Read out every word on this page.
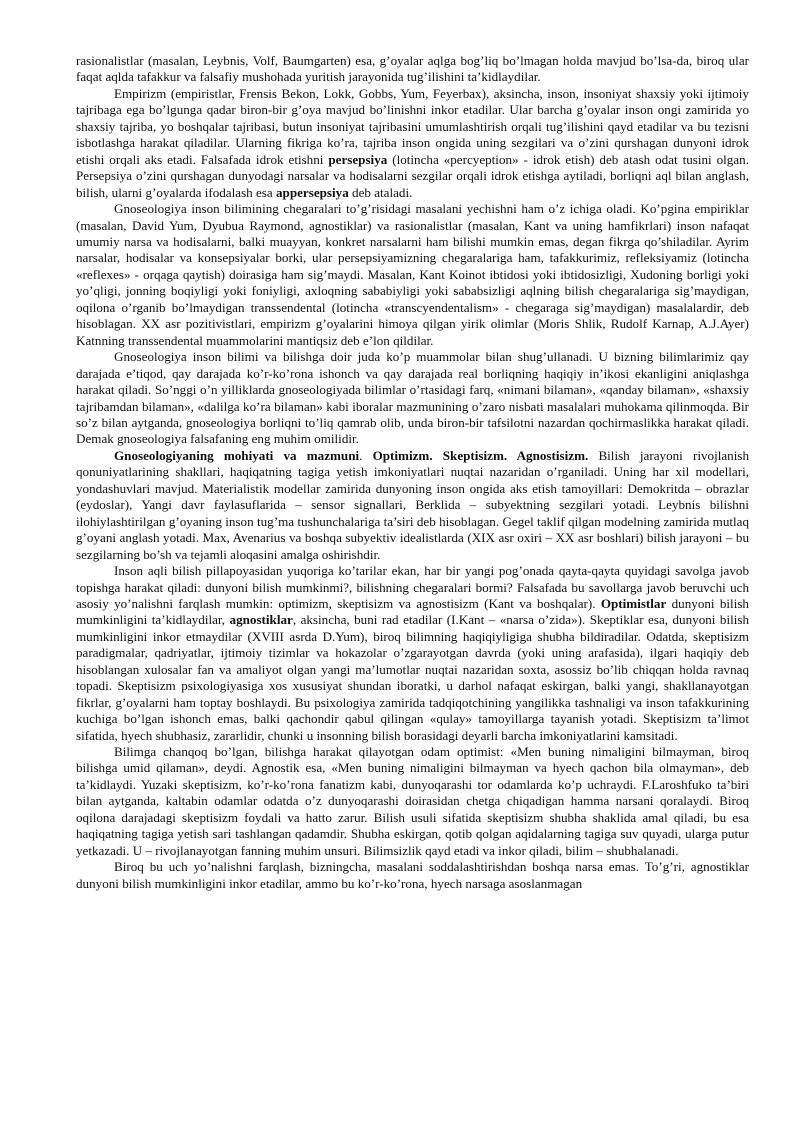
rasionalistlar (masalan, Leybnis, Volf, Baumgarten) esa, g’oyalar aqlga bog’liq bo’lmagan holda mavjud bo’lsa-da, biroq ular faqat aqlda tafakkur va falsafiy mushohada yuritish jarayonida tug’ilishini ta’kidlaydilar.

Empirizm (empiristlar, Frensis Bekon, Lokk, Gobbs, Yum, Feyerbax), aksincha, inson, insoniyat shaxsiy yoki ijtimoiy tajribaga ega bo’lgunga qadar biron-bir g’oya mavjud bo’linishni inkor etadilar. Ular barcha g’oyalar inson ongi zamirida yo shaxsiy tajriba, yo boshqalar tajribasi, butun insoniyat tajribasini umumlashtirish orqali tug’ilishini qayd etadilar va bu tezisni isbotlashga harakat qiladilar. Ularning fikriga ko’ra, tajriba inson ongida uning sezgilari va o’zini qurshagan dunyoni idrok etishi orqali aks etadi. Falsafada idrok etishni persepsiya (lotincha «percyeption» - idrok etish) deb atash odat tusini olgan. Persepsiya o’zini qurshagan dunyodagi narsalar va hodisalarni sezgilar orqali idrok etishga aytiladi, borliqni aql bilan anglash, bilish, ularni g’oyalarda ifodalash esa appersepsiya deb ataladi.

Gnoseologiya inson bilimining chegaralari to’g’risidagi masalani yechishni ham o’z ichiga oladi. Ko’pgina empiriklar (masalan, David Yum, Dyubua Raymond, agnostiklar) va rasionalistlar (masalan, Kant va uning hamfikrlari) inson nafaqat umumiy narsa va hodisalarni, balki muayyan, konkret narsalarni ham bilishi mumkin emas, degan fikrga qo’shiladilar. Ayrim narsalar, hodisalar va konsepsiyalar borki, ular persepsiyamizning chegaralariga ham, tafakkurimiz, refleksiyamiz (lotincha «reflexes» - orqaga qaytish) doirasiga ham sig’maydi. Masalan, Kant Koinot ibtidosi yoki ibtidosizligi, Xudoning borligi yoki yo’qligi, jonning boqiyligi yoki foniyligi, axloqning sababiyligi yoki sababsizligi aqlning bilish chegaralariga sig’maydigan, oqilona o’rganib bo’lmaydigan transsendental (lotincha «transcyendentalism» - chegaraga sig’maydigan) masalalardir, deb hisoblagan. XX asr pozitivistlari, empirizm g’oyalarini himoya qilgan yirik olimlar (Moris Shlik, Rudolf Karnap, A.J.Ayer) Katnning transsendental muammolarini mantiqsiz deb e’lon qildilar.

Gnoseologiya inson bilimi va bilishga doir juda ko’p muammolar bilan shug’ullanadi. U bizning bilimlarimiz qay darajada e’tiqod, qay darajada ko’r-ko’rona ishonch va qay darajada real borliqning haqiqiy in’ikosi ekanligini aniqlashga harakat qiladi. So’nggi o’n yilliklarda gnoseologiyada bilimlar o’rtasidagi farq, «nimani bilaman», «qanday bilaman», «shaxsiy tajribamdan bilaman», «dalilga ko’ra bilaman» kabi iboralar mazmunining o’zaro nisbati masalalari muhokama qilinmoqda. Bir so’z bilan aytganda, gnoseologiya borliqni to’liq qamrab olib, unda biron-bir tafsilotni nazardan qochirmaslikka harakat qiladi. Demak gnoseologiya falsafaning eng muhim omilidir.

Gnoseologiyaning mohiyati va mazmuni. Optimizm. Skeptisizm. Agnostisizm. Bilish jarayoni rivojlanish qonuniyatlarining shakllari, haqiqatning tagiga yetish imkoniyatlari nuqtai nazaridan o’rganiladi. Uning har xil modellari, yondashuvlari mavjud. Materialistik modellar zamirida dunyoning inson ongida aks etish tamoyillari: Demokritda – obrazlar (eydoslar), Yangi davr faylasuflarida – sensor signallari, Berklida – subyektning sezgilari yotadi. Leybnis bilishni ilohiylashtirilgan g’oyaning inson tug’ma tushunchalariga ta’siri deb hisoblagan. Gegel taklif qilgan modelning zamirida mutlaq g’oyani anglash yotadi. Max, Avenarius va boshqa subyektiv idealistlarda (XIX asr oxiri – XX asr boshlari) bilish jarayoni – bu sezgilarning bo’sh va tejamli aloqasini amalga oshirishdir.

Inson aqli bilish pillapoyasidan yuqoriga ko’tarilar ekan, har bir yangi pog’onada qayta-qayta quyidagi savolga javob topishga harakat qiladi: dunyoni bilish mumkinmi?, bilishning chegaralari bormi? Falsafada bu savollarga javob beruvchi uch asosiy yo’nalishni farqlash mumkin: optimizm, skeptisizm va agnostisizm (Kant va boshqalar). Optimistlar dunyoni bilish mumkinligini ta’kidlaydilar, agnostiklar, aksincha, buni rad etadilar (I.Kant – «narsa o’zida»). Skeptiklar esa, dunyoni bilish mumkinligini inkor etmaydilar (XVIII asrda D.Yum), biroq bilimning haqiqiyligiga shubha bildiradilar. Odatda, skeptisizm paradigmalar, qadriyatlar, ijtimoiy tizimlar va hokazolar o’zgarayotgan davrda (yoki uning arafasida), ilgari haqiqiy deb hisoblangan xulosalar fan va amaliyot olgan yangi ma’lumotlar nuqtai nazaridan soxta, asossiz bo’lib chiqqan holda ravnaq topadi. Skeptisizm psixologiyasiga xos xususiyat shundan iboratki, u darhol nafaqat eskirgan, balki yangi, shakllanayotgan fikrlar, g’oyalarni ham toptay boshlaydi. Bu psixologiya zamirida tadqiqotchining yangilikka tashnaligi va inson tafakkurining kuchiga bo’lgan ishonch emas, balki qachondir qabul qilingan «qulay» tamoyillarga tayanish yotadi. Skeptisizm ta’limot sifatida, hyech shubhasiz, zararlidir, chunki u insonning bilish borasidagi deyarli barcha imkoniyatlarini kamsitadi.

Bilimga chanqoq bo’lgan, bilishga harakat qilayotgan odam optimist: «Men buning nimaligini bilmayman, biroq bilishga umid qilaman», deydi. Agnostik esa, «Men buning nimaligini bilmayman va hyech qachon bila olmayman», deb ta’kidlaydi. Yuzaki skeptisizm, ko’r-ko’rona fanatizm kabi, dunyoqarashi tor odamlarda ko’p uchraydi. F.Laroshfuko ta’biri bilan aytganda, kaltabin odamlar odatda o’z dunyoqarashi doirasidan chetga chiqadigan hamma narsani qoralaydi. Biroq oqilona darajadagi skeptisizm foydali va hatto zarur. Bilish usuli sifatida skeptisizm shubha shaklida amal qiladi, bu esa haqiqatning tagiga yetish sari tashlangan qadamdir. Shubha eskirgan, qotib qolgan aqidalarning tagiga suv quyadi, ularga putur yetkazadi. U – rivojlanayotgan fanning muhim unsuri. Bilimsizlik qayd etadi va inkor qiladi, bilim – shubhalanadi.

Biroq bu uch yo’nalishni farqlash, bizningcha, masalani soddalashtirishdan boshqa narsa emas. To’g’ri, agnostiklar dunyoni bilish mumkinligini inkor etadilar, ammo bu ko’r-ko’rona, hyech narsaga asoslanmagan
